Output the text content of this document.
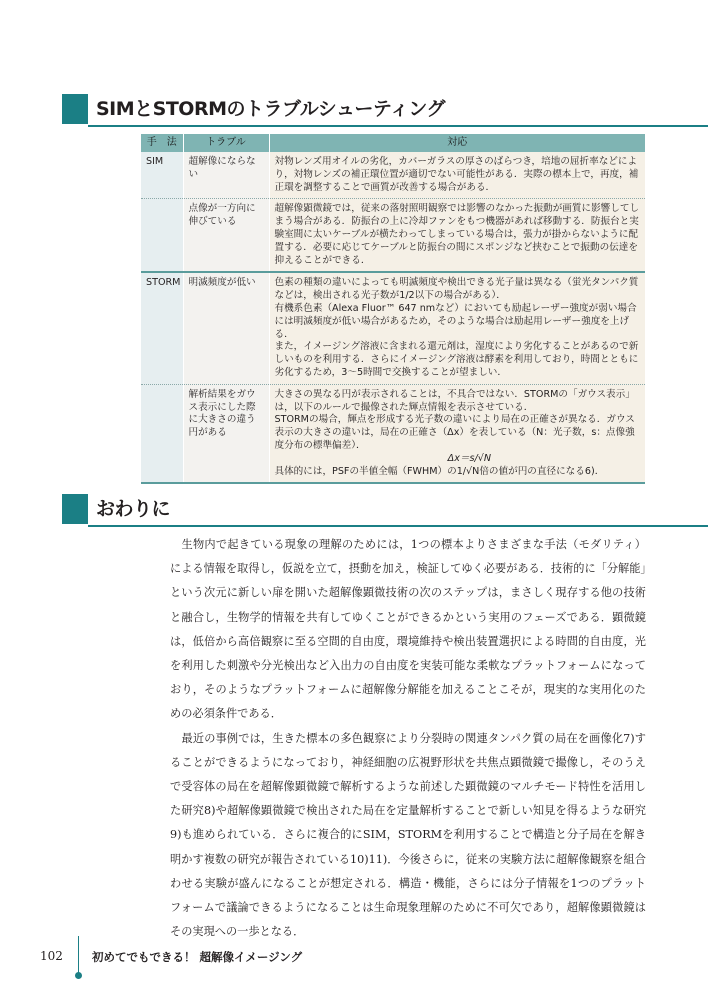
SIMとSTORMのトラブルシューティング
手　法	トラブル	対応
SIM	超解像にならない	対物レンズ用オイルの劣化，カバーガラスの厚さのばらつき，培地の屈折率などにより，対物レンズの補正環位置が適切でない可能性がある．実際の標本上で，再度，補正環を調整することで画質が改善する場合がある．

	点像が一方向に伸びている	超解像顕微鏡では，従来の落射照明観察では影響のなかった振動が画質に影響してしまう場合がある．防振台の上に冷却ファンをもつ機器があれば移動する．防振台と実験室間に太いケーブルが横たわってしまっている場合は，張力が掛からないように配置する．必要に応じてケーブルと防振台の間にスポンジなど挟むことで振動の伝達を抑えることができる．

STORM	明滅頻度が低い	色素の種類の違いによっても明滅頻度や検出できる光子量は異なる（蛍光タンパク質などは，検出される光子数が1/2以下の場合がある）．
有機系色素（Alexa Fluor™ 647 nmなど）においても励起レーザー強度が弱い場合には明滅頻度が低い場合があるため，そのような場合は励起用レーザー強度を上げる．
また，イメージング溶液に含まれる還元剤は，湿度により劣化することがあるので新しいものを利用する．さらにイメージング溶液は酵素を利用しており，時間とともに劣化するため，3～5時間で交換することが望ましい．

	解析結果をガウス表示にした際に大きさの違う円がある	大きさの異なる円が表示されることは，不具合ではない．STORMの「ガウス表示」は，以下のルールで撮像された輝点情報を表示させている．
STORMの場合，輝点を形成する光子数の違いにより局在の正確さが異なる．ガウス表示の大きさの違いは，局在の正確さ（Δx）を表している（N：光子数，s：点像強度分布の標準偏差）．
Δx＝s/√N
具体的には，PSFの半値全幅（FWHM）の1/√N倍の値が円の直径になる6)．
おわりに

生物内で起きている現象の理解のためには，1つの標本よりさまざまな手法（モダリティ）による情報を取得し，仮説を立て，摂動を加え，検証してゆく必要がある．技術的に「分解能」という次元に新しい扉を開いた超解像顕微技術の次のステップは，まさしく現存する他の技術と融合し，生物学的情報を共有してゆくことができるかという実用のフェーズである．顕微鏡は，低倍から高倍観察に至る空間的自由度，環境維持や検出装置選択による時間的自由度，光を利用した刺激や分光検出など入出力の自由度を実装可能な柔軟なプラットフォームになっており，そのようなプラットフォームに超解像分解能を加えることこそが，現実的な実用化のための必須条件である．

最近の事例では，生きた標本の多色観察により分裂時の関連タンパク質の局在を画像化7)することができるようになっており，神経細胞の広視野形状を共焦点顕微鏡で撮像し，そのうえで受容体の局在を超解像顕微鏡で解析するような前述した顕微鏡のマルチモード特性を活用した研究8)や超解像顕微鏡で検出された局在を定量解析することで新しい知見を得るような研究9)も進められている．さらに複合的にSIM，STORMを利用することで構造と分子局在を解き明かす複数の研究が報告されている10)11)．今後さらに，従来の実験方法に超解像観察を組合わせる実験が盛んになることが想定される．構造・機能，さらには分子情報を1つのプラットフォームで議論できるようになることは生命現象理解のために不可欠であり，超解像顕微鏡はその実現への一歩となる．

102	初めてでもできる！ 超解像イメージング
